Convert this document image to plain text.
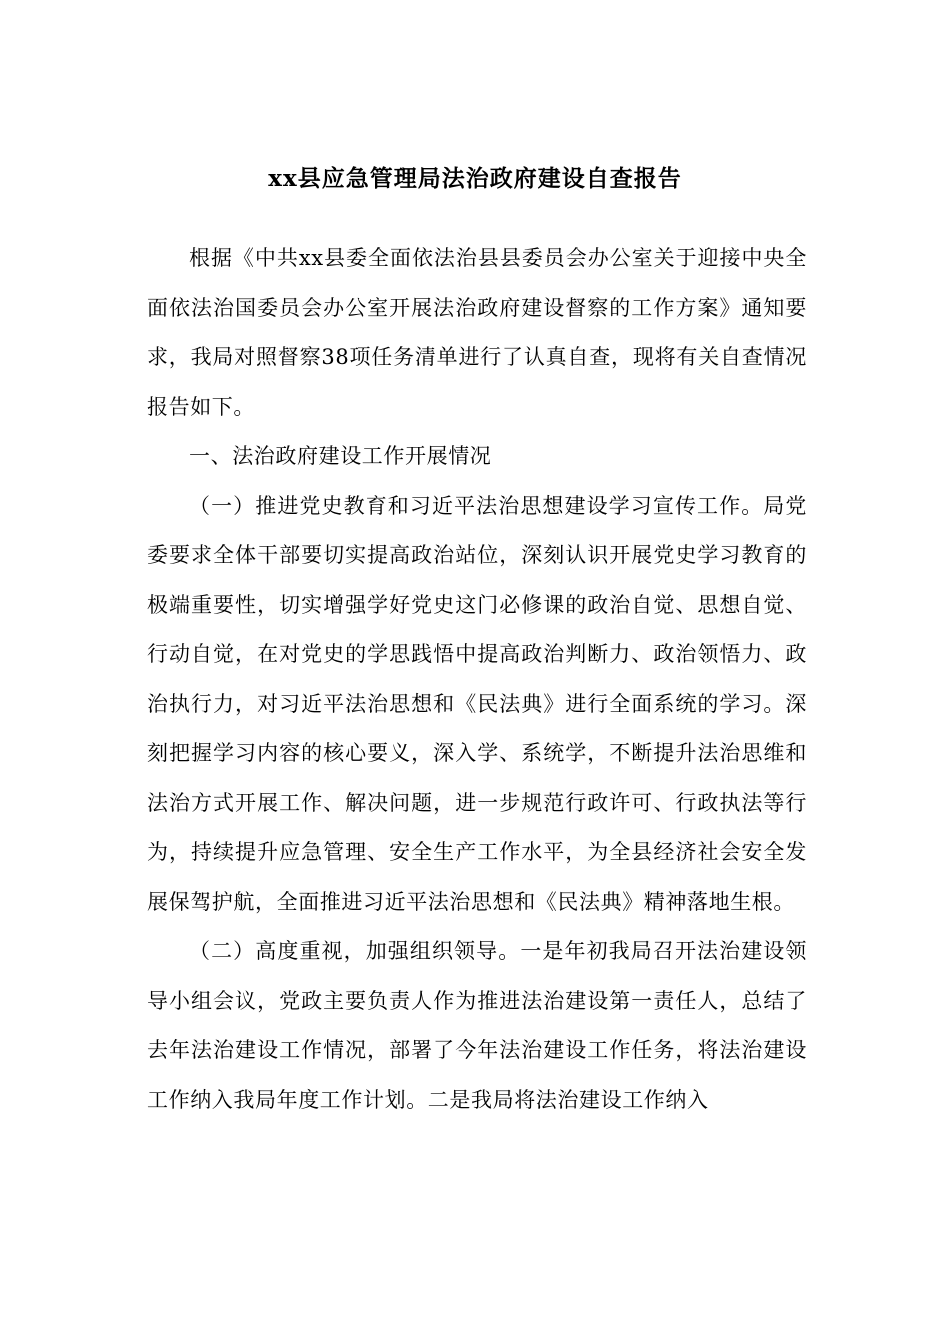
xx县应急管理局法治政府建设自查报告

根据《中共xx县委全面依法治县县委员会办公室关于迎接中央全面依法治国委员会办公室开展法治政府建设督察的工作方案》通知要求，我局对照督察38项任务清单进行了认真自查，现将有关自查情况报告如下。

一、法治政府建设工作开展情况

（一）推进党史教育和习近平法治思想建设学习宣传工作。局党委要求全体干部要切实提高政治站位，深刻认识开展党史学习教育的极端重要性，切实增强学好党史这门必修课的政治自觉、思想自觉、行动自觉，在对党史的学思践悟中提高政治判断力、政治领悟力、政治执行力，对习近平法治思想和《民法典》进行全面系统的学习。深刻把握学习内容的核心要义，深入学、系统学，不断提升法治思维和法治方式开展工作、解决问题，进一步规范行政许可、行政执法等行为，持续提升应急管理、安全生产工作水平，为全县经济社会安全发展保驾护航，全面推进习近平法治思想和《民法典》精神落地生根。

（二）高度重视，加强组织领导。一是年初我局召开法治建设领导小组会议，党政主要负责人作为推进法治建设第一责任人，总结了去年法治建设工作情况，部署了今年法治建设工作任务，将法治建设工作纳入我局年度工作计划。二是我局将法治建设工作纳入
